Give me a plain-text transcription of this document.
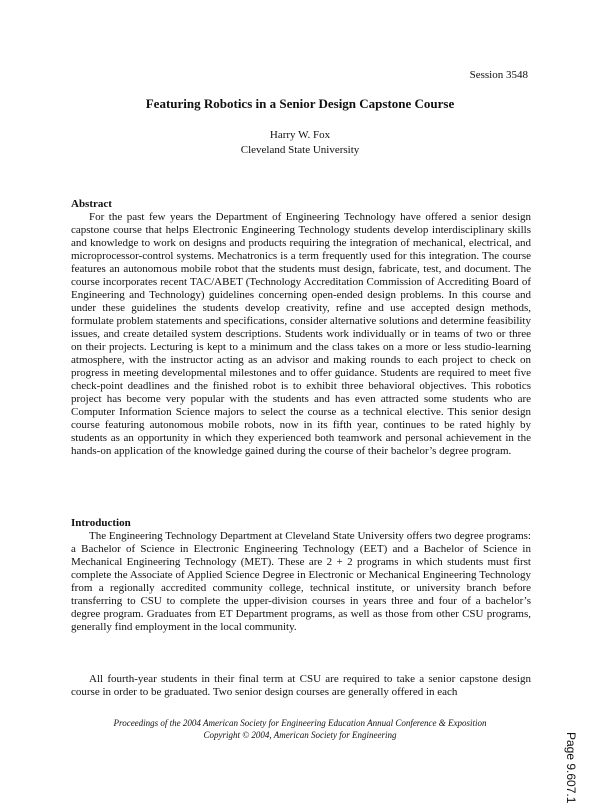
Session 3548
Featuring Robotics in a Senior Design Capstone Course
Harry W. Fox
Cleveland State University
Abstract

For the past few years the Department of Engineering Technology have offered a senior design capstone course that helps Electronic Engineering Technology students develop interdisciplinary skills and knowledge to work on designs and products requiring the integration of mechanical, electrical, and microprocessor-control systems. Mechatronics is a term frequently used for this integration. The course features an autonomous mobile robot that the students must design, fabricate, test, and document. The course incorporates recent TAC/ABET (Technology Accreditation Commission of Accrediting Board of Engineering and Technology) guidelines concerning open-ended design problems. In this course and under these guidelines the students develop creativity, refine and use accepted design methods, formulate problem statements and specifications, consider alternative solutions and determine feasibility issues, and create detailed system descriptions. Students work individually or in teams of two or three on their projects. Lecturing is kept to a minimum and the class takes on a more or less studio-learning atmosphere, with the instructor acting as an advisor and making rounds to each project to check on progress in meeting developmental milestones and to offer guidance. Students are required to meet five check-point deadlines and the finished robot is to exhibit three behavioral objectives. This robotics project has become very popular with the students and has even attracted some students who are Computer Information Science majors to select the course as a technical elective. This senior design course featuring autonomous mobile robots, now in its fifth year, continues to be rated highly by students as an opportunity in which they experienced both teamwork and personal achievement in the hands-on application of the knowledge gained during the course of their bachelor’s degree program.

Introduction

The Engineering Technology Department at Cleveland State University offers two degree programs: a Bachelor of Science in Electronic Engineering Technology (EET) and a Bachelor of Science in Mechanical Engineering Technology (MET). These are 2 + 2 programs in which students must first complete the Associate of Applied Science Degree in Electronic or Mechanical Engineering Technology from a regionally accredited community college, technical institute, or university branch before transferring to CSU to complete the upper-division courses in years three and four of a bachelor’s degree program. Graduates from ET Department programs, as well as those from other CSU programs, generally find employment in the local community.

All fourth-year students in their final term at CSU are required to take a senior capstone design course in order to be graduated. Two senior design courses are generally offered in each

Proceedings of the 2004 American Society for Engineering Education Annual Conference & Exposition
Copyright © 2004, American Society for Engineering	Page 9.607.1
